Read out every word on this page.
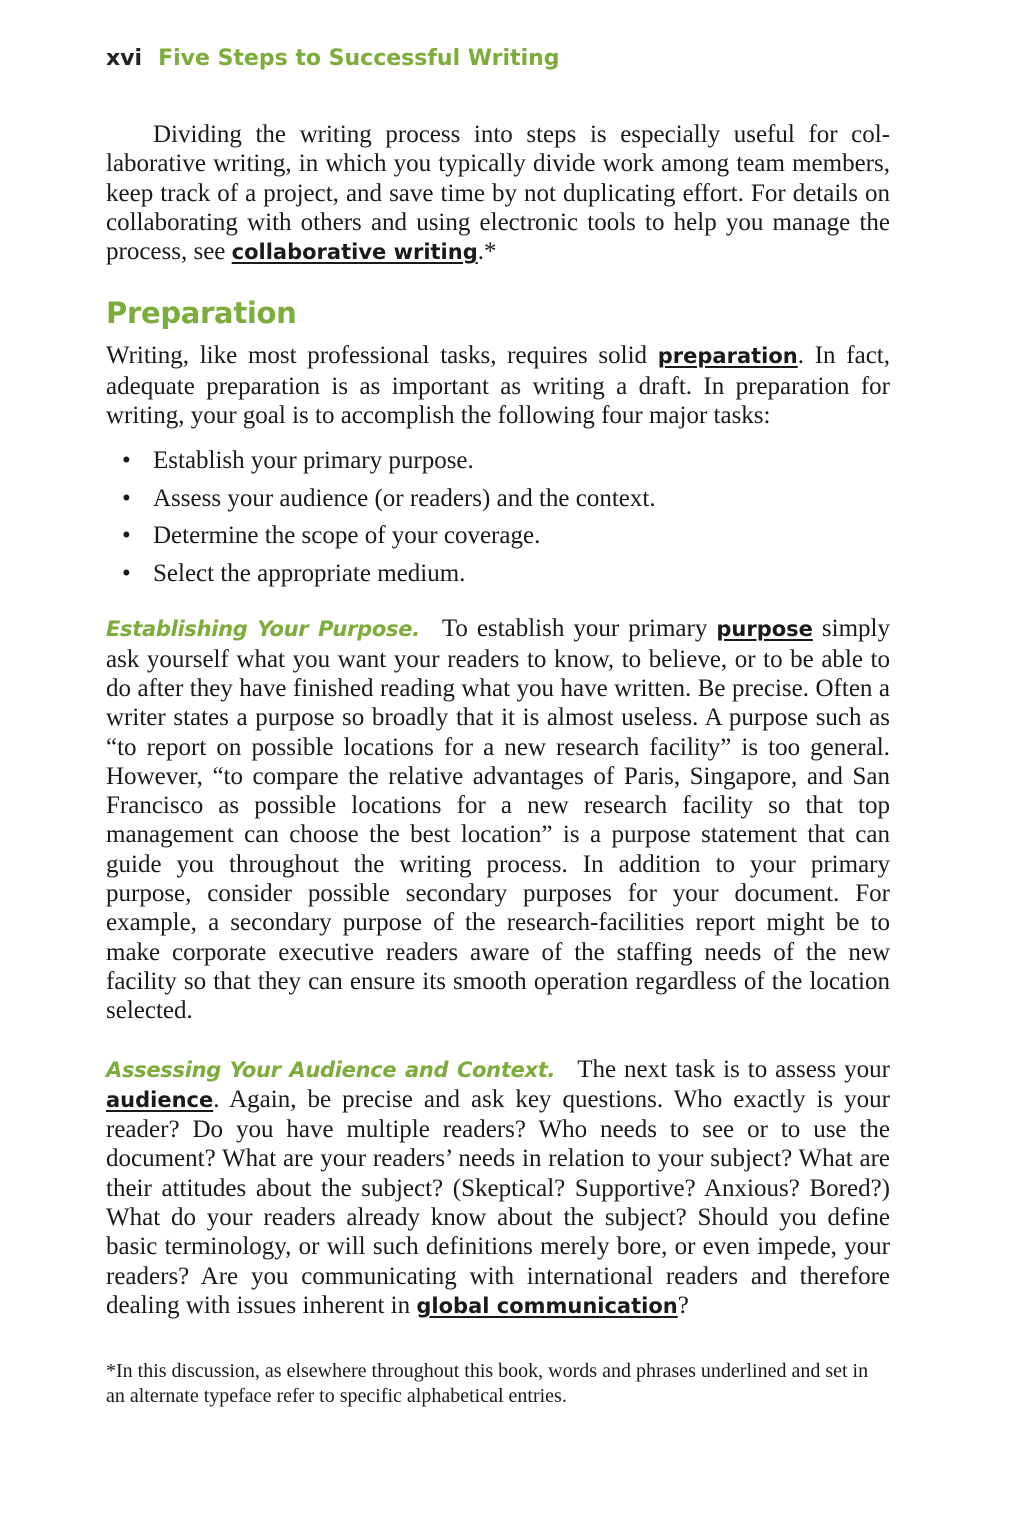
xvi Five Steps to Successful Writing

Dividing the writing process into steps is especially useful for collaborative writing, in which you typically divide work among team members, keep track of a project, and save time by not duplicating effort. For details on collaborating with others and using electronic tools to help you manage the process, see collaborative writing.*

Preparation

Writing, like most professional tasks, requires solid preparation. In fact, adequate preparation is as important as writing a draft. In preparation for writing, your goal is to accomplish the following four major tasks:

• Establish your primary purpose.
• Assess your audience (or readers) and the context.
• Determine the scope of your coverage.
• Select the appropriate medium.

Establishing Your Purpose. To establish your primary purpose simply ask yourself what you want your readers to know, to believe, or to be able to do after they have finished reading what you have written. Be precise. Often a writer states a purpose so broadly that it is almost useless. A purpose such as “to report on possible locations for a new research facility” is too general. However, “to compare the relative advantages of Paris, Singapore, and San Francisco as possible locations for a new research facility so that top management can choose the best location” is a purpose statement that can guide you throughout the writing process. In addition to your primary purpose, consider possible secondary purposes for your document. For example, a secondary purpose of the research-facilities report might be to make corporate executive readers aware of the staffing needs of the new facility so that they can ensure its smooth operation regardless of the location selected.

Assessing Your Audience and Context. The next task is to assess your audience. Again, be precise and ask key questions. Who exactly is your reader? Do you have multiple readers? Who needs to see or to use the document? What are your readers’ needs in relation to your subject? What are their attitudes about the subject? (Skeptical? Supportive? Anxious? Bored?) What do your readers already know about the subject? Should you define basic terminology, or will such definitions merely bore, or even impede, your readers? Are you communicating with international readers and therefore dealing with issues inherent in global communication?

*In this discussion, as elsewhere throughout this book, words and phrases underlined and set in an alternate typeface refer to specific alphabetical entries.
